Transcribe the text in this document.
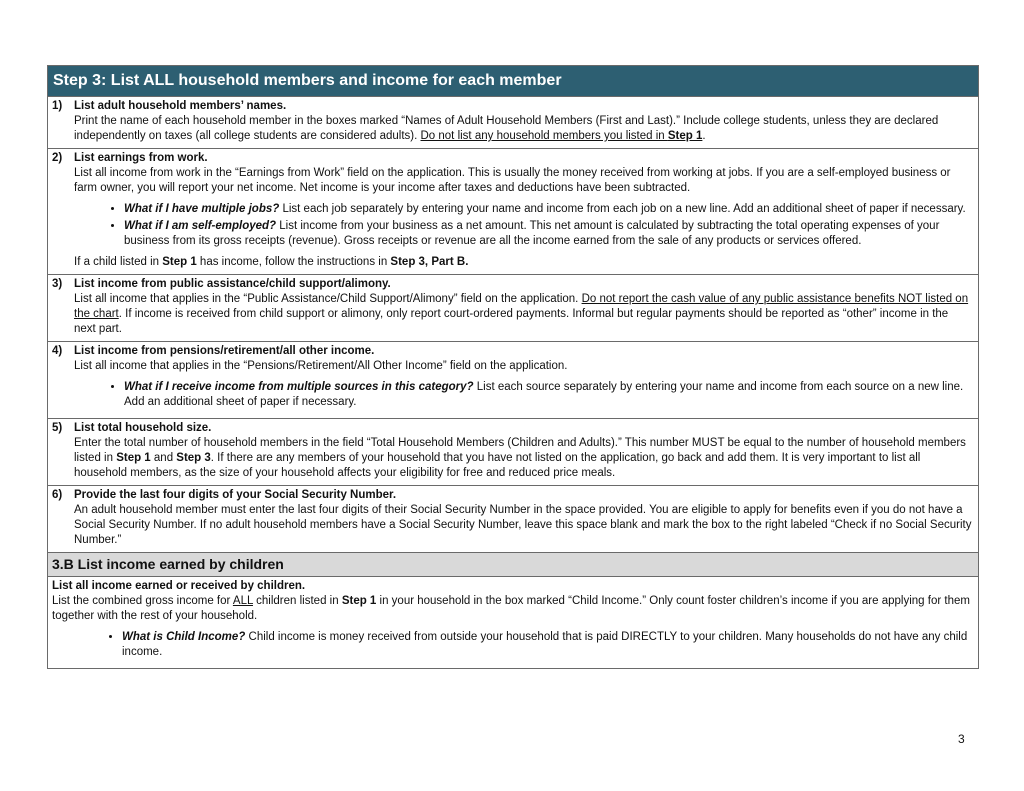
Step 3: List ALL household members and income for each member
1)	List adult household members’ names.
Print the name of each household member in the boxes marked “Names of Adult Household Members (First and Last).” Include college students, unless they are declared independently on taxes (all college students are considered adults). Do not list any household members you listed in Step 1.
2)	List earnings from work.
List all income from work in the “Earnings from Work” field on the application. This is usually the money received from working at jobs. If you are a self-employed business or farm owner, you will report your net income. Net income is your income after taxes and deductions have been subtracted.
• What if I have multiple jobs? List each job separately by entering your name and income from each job on a new line. Add an additional sheet of paper if necessary.
• What if I am self-employed? List income from your business as a net amount. This net amount is calculated by subtracting the total operating expenses of your business from its gross receipts (revenue). Gross receipts or revenue are all the income earned from the sale of any products or services offered.
If a child listed in Step 1 has income, follow the instructions in Step 3, Part B.
3)	List income from public assistance/child support/alimony.
List all income that applies in the “Public Assistance/Child Support/Alimony” field on the application. Do not report the cash value of any public assistance benefits NOT listed on the chart. If income is received from child support or alimony, only report court-ordered payments. Informal but regular payments should be reported as “other” income in the next part.
4)	List income from pensions/retirement/all other income.
List all income that applies in the “Pensions/Retirement/All Other Income” field on the application.
• What if I receive income from multiple sources in this category? List each source separately by entering your name and income from each source on a new line. Add an additional sheet of paper if necessary.
5)	List total household size.
Enter the total number of household members in the field “Total Household Members (Children and Adults).” This number MUST be equal to the number of household members listed in Step 1 and Step 3. If there are any members of your household that you have not listed on the application, go back and add them. It is very important to list all household members, as the size of your household affects your eligibility for free and reduced price meals.
6)	Provide the last four digits of your Social Security Number.
An adult household member must enter the last four digits of their Social Security Number in the space provided. You are eligible to apply for benefits even if you do not have a Social Security Number. If no adult household members have a Social Security Number, leave this space blank and mark the box to the right labeled “Check if no Social Security Number.”
3.B List income earned by children
List all income earned or received by children.
List the combined gross income for ALL children listed in Step 1 in your household in the box marked “Child Income.” Only count foster children’s income if you are applying for them together with the rest of your household.
• What is Child Income? Child income is money received from outside your household that is paid DIRECTLY to your children. Many households do not have any child income.
3
